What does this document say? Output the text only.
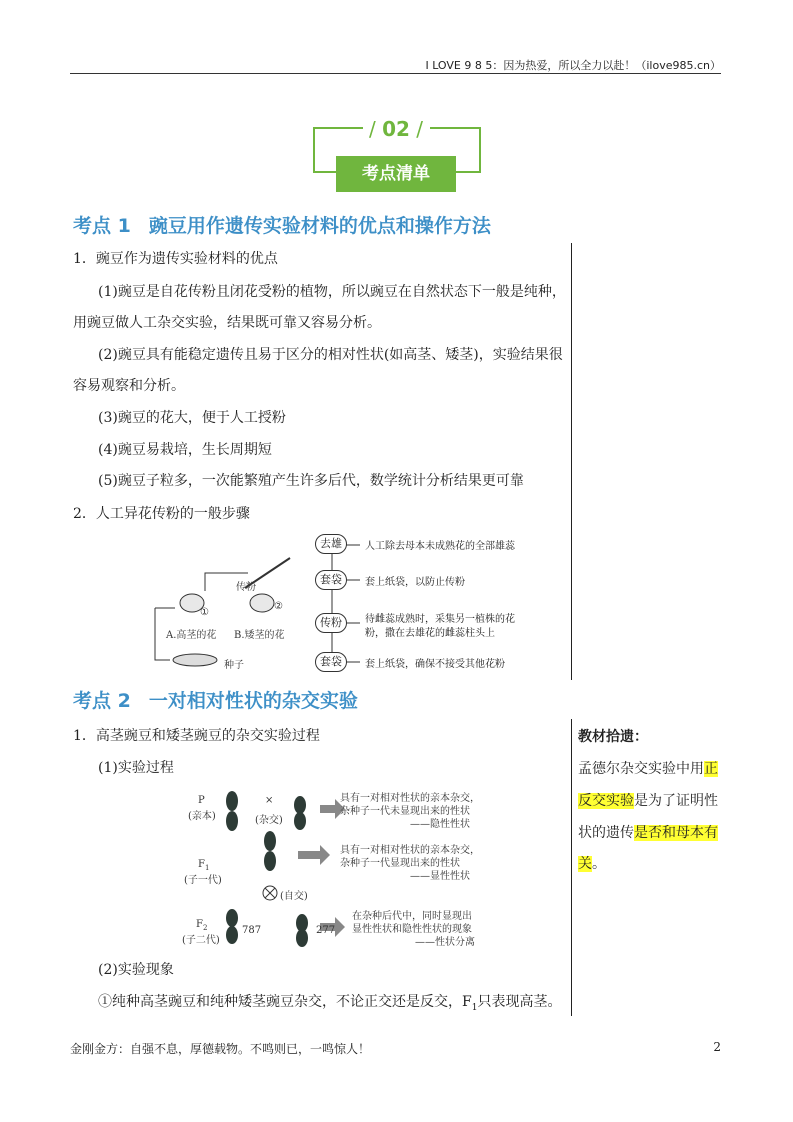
I LOVE 9 8 5：因为热爱，所以全力以赴！（ilove985.cn）
/ 02 /
考点清单
考点 1 豌豆用作遗传实验材料的优点和操作方法
1．豌豆作为遗传实验材料的优点
(1)豌豆是自花传粉且闭花受粉的植物，所以豌豆在自然状态下一般是纯种，
用豌豆做人工杂交实验，结果既可靠又容易分析。
(2)豌豆具有能稳定遗传且易于区分的相对性状(如高茎、矮茎)，实验结果很
容易观察和分析。
(3)豌豆的花大，便于人工授粉
(4)豌豆易栽培，生长周期短
(5)豌豆子粒多，一次能繁殖产生许多后代，数学统计分析结果更可靠
2．人工异花传粉的一般步骤
传粉
①
②
A.高茎的花 B.矮茎的花
种子
去雄	人工除去母本未成熟花的全部雄蕊
套袋	套上纸袋，以防止传粉
传粉	待雌蕊成熟时，采集另一植株的花
粉，撒在去雄花的雌蕊柱头上
套袋	套上纸袋，确保不接受其他花粉
考点 2 一对相对性状的杂交实验
1．高茎豌豆和矮茎豌豆的杂交实验过程
(1)实验过程
P
(亲本)
×
(杂交)
$F_1$
(子一代)
(自交)
$F_2$
(子二代)
787	277
具有一对相对性状的亲本杂交，
杂种子一代未显现出来的性状
——隐性性状
具有一对相对性状的亲本杂交，
杂种子一代显现出来的性状
——显性性状
在杂种后代中，同时显现出
显性性状和隐性性状的现象
——性状分离
(2)实验现象
①纯种高茎豌豆和纯种矮茎豌豆杂交，不论正交还是反交，$F_1$只表现高茎。
教材拾遗：
孟德尔杂交实验中用正
反交实验是为了证明性
状的遗传是否和母本有
关。
金刚金方：自强不息，厚德载物。不鸣则已，一鸣惊人！	2
